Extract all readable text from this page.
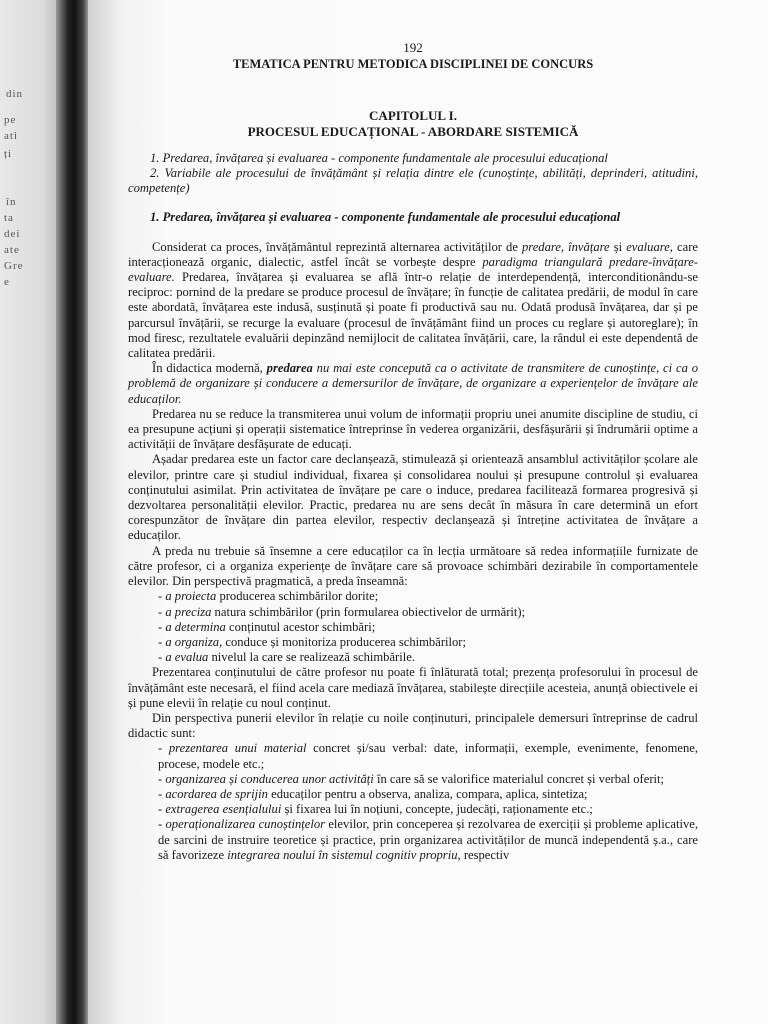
din
pe
ati
ți
în
ta
dei
ate
Gre
e
192
TEMATICA PENTRU METODICA DISCIPLINEI DE CONCURS
CAPITOLUL I.
PROCESUL EDUCAȚIONAL - ABORDARE SISTEMICĂ

1. Predarea, învățarea și evaluarea - componente fundamentale ale procesului educațional

2. Variabile ale procesului de învățământ și relația dintre ele (cunoștințe, abilități, deprinderi, atitudini, competențe)

1. Predarea, învățarea și evaluarea - componente fundamentale ale procesului educațional

Considerat ca proces, învățământul reprezintă alternarea activităților de predare, învățare și evaluare, care interacționează organic, dialectic, astfel încât se vorbește despre paradigma triangulară predare-învățare-evaluare. Predarea, învățarea și evaluarea se află într-o relație de interdependență, interconditionându-se reciproc: pornind de la predare se produce procesul de învățare; în funcție de calitatea predării, de modul în care este abordată, învățarea este indusă, susținută și poate fi productivă sau nu. Odată produsă învățarea, dar și pe parcursul învățării, se recurge la evaluare (procesul de învățământ fiind un proces cu reglare și autoreglare); în mod firesc, rezultatele evaluării depinzând nemijlocit de calitatea învățării, care, la rândul ei este dependentă de calitatea predării.

În didactica modernă, predarea nu mai este concepută ca o activitate de transmitere de cunoștințe, ci ca o problemă de organizare și conducere a demersurilor de învățare, de organizare a experiențelor de învățare ale educaților.

Predarea nu se reduce la transmiterea unui volum de informații propriu unei anumite discipline de studiu, ci ea presupune acțiuni și operații sistematice întreprinse în vederea organizării, desfășurării și îndrumării optime a activității de învățare desfășurate de educați.

Așadar predarea este un factor care declanșează, stimulează și orientează ansamblul activităților școlare ale elevilor, printre care și studiul individual, fixarea și consolidarea noului și presupune controlul și evaluarea conținutului asimilat. Prin activitatea de învățare pe care o induce, predarea facilitează formarea progresivă și dezvoltarea personalității elevilor. Practic, predarea nu are sens decât în măsura în care determină un efort corespunzător de învățare din partea elevilor, respectiv declanșează și întreține activitatea de învățare a educaților.

A preda nu trebuie să însemne a cere educaților ca în lecția următoare să redea informațiile furnizate de către profesor, ci a organiza experiențe de învățare care să provoace schimbări dezirabile în comportamentele elevilor. Din perspectivă pragmatică, a preda înseamnă:

- a proiecta producerea schimbărilor dorite;

- a preciza natura schimbărilor (prin formularea obiectivelor de urmărit);

- a determina conținutul acestor schimbări;

- a organiza, conduce și monitoriza producerea schimbărilor;

- a evalua nivelul la care se realizează schimbările.

Prezentarea conținutului de către profesor nu poate fi înlăturată total; prezența profesorului în procesul de învățământ este necesară, el fiind acela care mediază învățarea, stabilește direcțiile acesteia, anunță obiectivele ei și pune elevii în relație cu noul conținut.

Din perspectiva punerii elevilor în relație cu noile conținuturi, principalele demersuri întreprinse de cadrul didactic sunt:

- prezentarea unui material concret și/sau verbal: date, informații, exemple, evenimente, fenomene, procese, modele etc.;

- organizarea și conducerea unor activități în care să se valorifice materialul concret și verbal oferit;

- acordarea de sprijin educaților pentru a observa, analiza, compara, aplica, sintetiza;

- extragerea esențialului și fixarea lui în noțiuni, concepte, judecăți, raționamente etc.;

- operaționalizarea cunoștințelor elevilor, prin conceperea și rezolvarea de exerciții și probleme aplicative, de sarcini de instruire teoretice și practice, prin organizarea activităților de muncă independentă ș.a., care să favorizeze integrarea noului în sistemul cognitiv propriu, respectiv
